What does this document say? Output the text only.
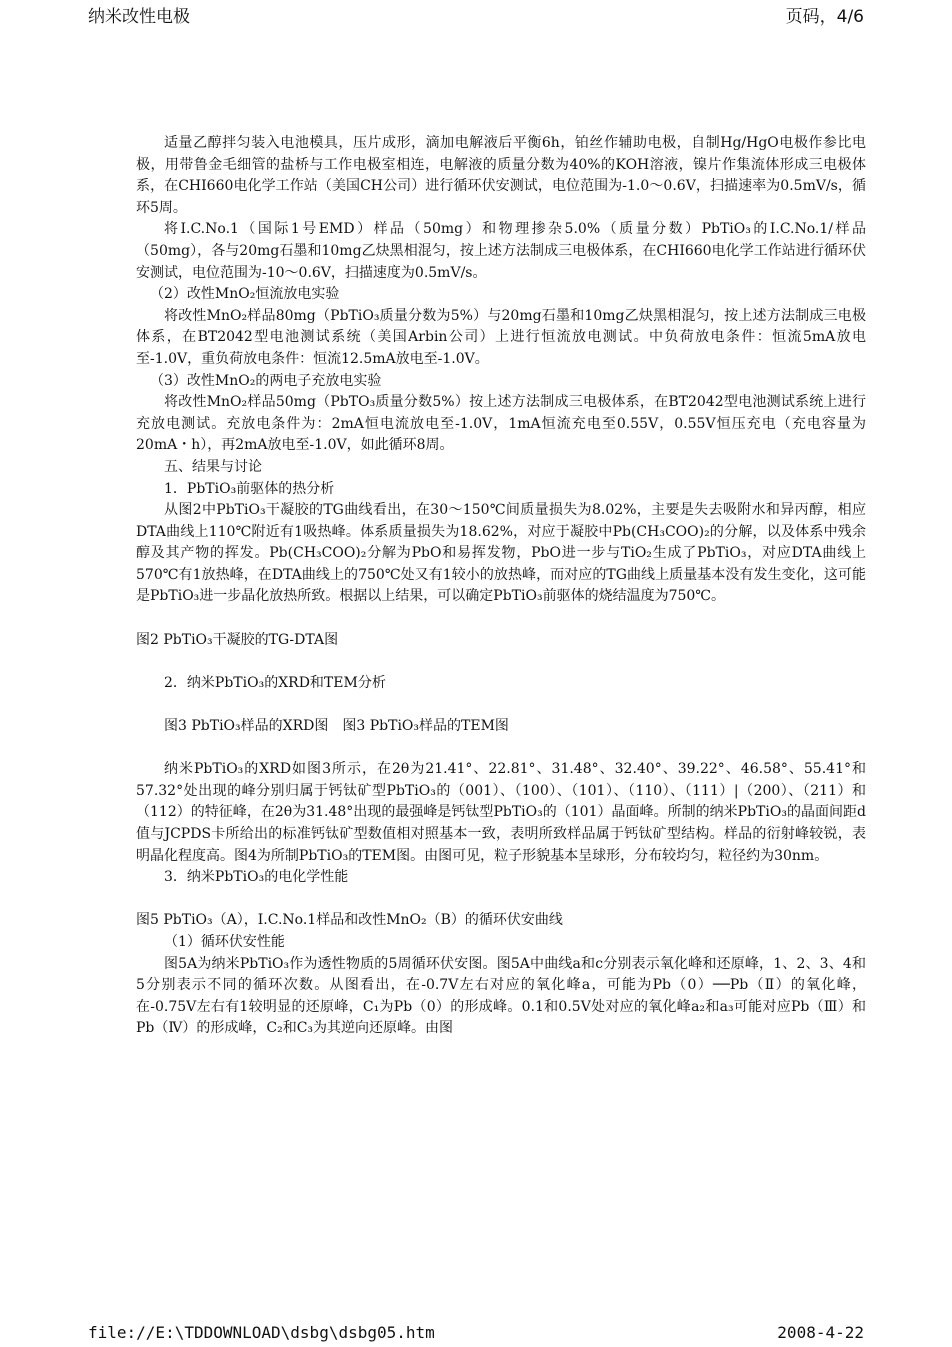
纳米改性电极	页码，4/6

适量乙醇拌匀装入电池模具，压片成形，滴加电解液后平衡6h，铂丝作辅助电极，自制Hg/HgO电极作参比电极，用带鲁金毛细管的盐桥与工作电极室相连，电解液的质量分数为40%的KOH溶液，镍片作集流体形成三电极体系，在CHI660电化学工作站（美国CH公司）进行循环伏安测试，电位范围为-1.0～0.6V，扫描速率为0.5mV/s，循环5周。

将I.C.No.1（国际1号EMD）样品（50mg）和物理掺杂5.0%（质量分数）PbTiO₃的I.C.No.1/样品（50mg），各与20mg石墨和10mg乙炔黑相混匀，按上述方法制成三电极体系，在CHI660电化学工作站进行循环伏安测试，电位范围为-10～0.6V，扫描速度为0.5mV/s。

（2）改性MnO₂恒流放电实验

将改性MnO₂样品80mg（PbTiO₃质量分数为5%）与20mg石墨和10mg乙炔黑相混匀，按上述方法制成三电极体系，在BT2042型电池测试系统（美国Arbin公司）上进行恒流放电测试。中负荷放电条件：恒流5mA放电至-1.0V，重负荷放电条件：恒流12.5mA放电至-1.0V。

（3）改性MnO₂的两电子充放电实验

将改性MnO₂样品50mg（PbTO₃质量分数5%）按上述方法制成三电极体系，在BT2042型电池测试系统上进行充放电测试。充放电条件为：2mA恒电流放电至-1.0V，1mA恒流充电至0.55V，0.55V恒压充电（充电容量为20mA・h），再2mA放电至-1.0V，如此循环8周。

五、结果与讨论

1．PbTiO₃前驱体的热分析

从图2中PbTiO₃干凝胶的TG曲线看出，在30～150℃间质量损失为8.02%，主要是失去吸附水和异丙醇，相应DTA曲线上110℃附近有1吸热峰。体系质量损失为18.62%，对应于凝胶中Pb(CH₃COO)₂的分解，以及体系中残余醇及其产物的挥发。Pb(CH₃COO)₂分解为PbO和易挥发物，PbO进一步与TiO₂生成了PbTiO₃，对应DTA曲线上570℃有1放热峰，在DTA曲线上的750℃处又有1较小的放热峰，而对应的TG曲线上质量基本没有发生变化，这可能是PbTiO₃进一步晶化放热所致。根据以上结果，可以确定PbTiO₃前驱体的烧结温度为750℃。

图2 PbTiO₃干凝胶的TG-DTA图

2．纳米PbTiO₃的XRD和TEM分析

图3 PbTiO₃样品的XRD图　图3 PbTiO₃样品的TEM图

纳米PbTiO₃的XRD如图3所示，在2θ为21.41°、22.81°、31.48°、32.40°、39.22°、46.58°、55.41°和57.32°处出现的峰分别归属于钙钛矿型PbTiO₃的（001）、（100）、（101）、（110）、（111）|（200）、（211）和（112）的特征峰，在2θ为31.48°出现的最强峰是钙钛型PbTiO₃的（101）晶面峰。所制的纳米PbTiO₃的晶面间距d值与JCPDS卡所给出的标准钙钛矿型数值相对照基本一致，表明所致样品属于钙钛矿型结构。样品的衍射峰较锐，表明晶化程度高。图4为所制PbTiO₃的TEM图。由图可见，粒子形貌基本呈球形，分布较均匀，粒径约为30nm。

3．纳米PbTiO₃的电化学性能

图5 PbTiO₃（A），I.C.No.1样品和改性MnO₂（B）的循环伏安曲线

（1）循环伏安性能

图5A为纳米PbTiO₃作为透性物质的5周循环伏安图。图5A中曲线a和c分别表示氧化峰和还原峰，1、2、3、4和5分别表示不同的循环次数。从图看出，在-0.7V左右对应的氧化峰a，可能为Pb（0）──Pb（Ⅱ）的氧化峰，在-0.75V左右有1较明显的还原峰，C₁为Pb（0）的形成峰。0.1和0.5V处对应的氧化峰a₂和a₃可能对应Pb（Ⅲ）和Pb（Ⅳ）的形成峰，C₂和C₃为其逆向还原峰。由图

file://E:\TDDOWNLOAD\dsbg\dsbg05.htm	2008-4-22
